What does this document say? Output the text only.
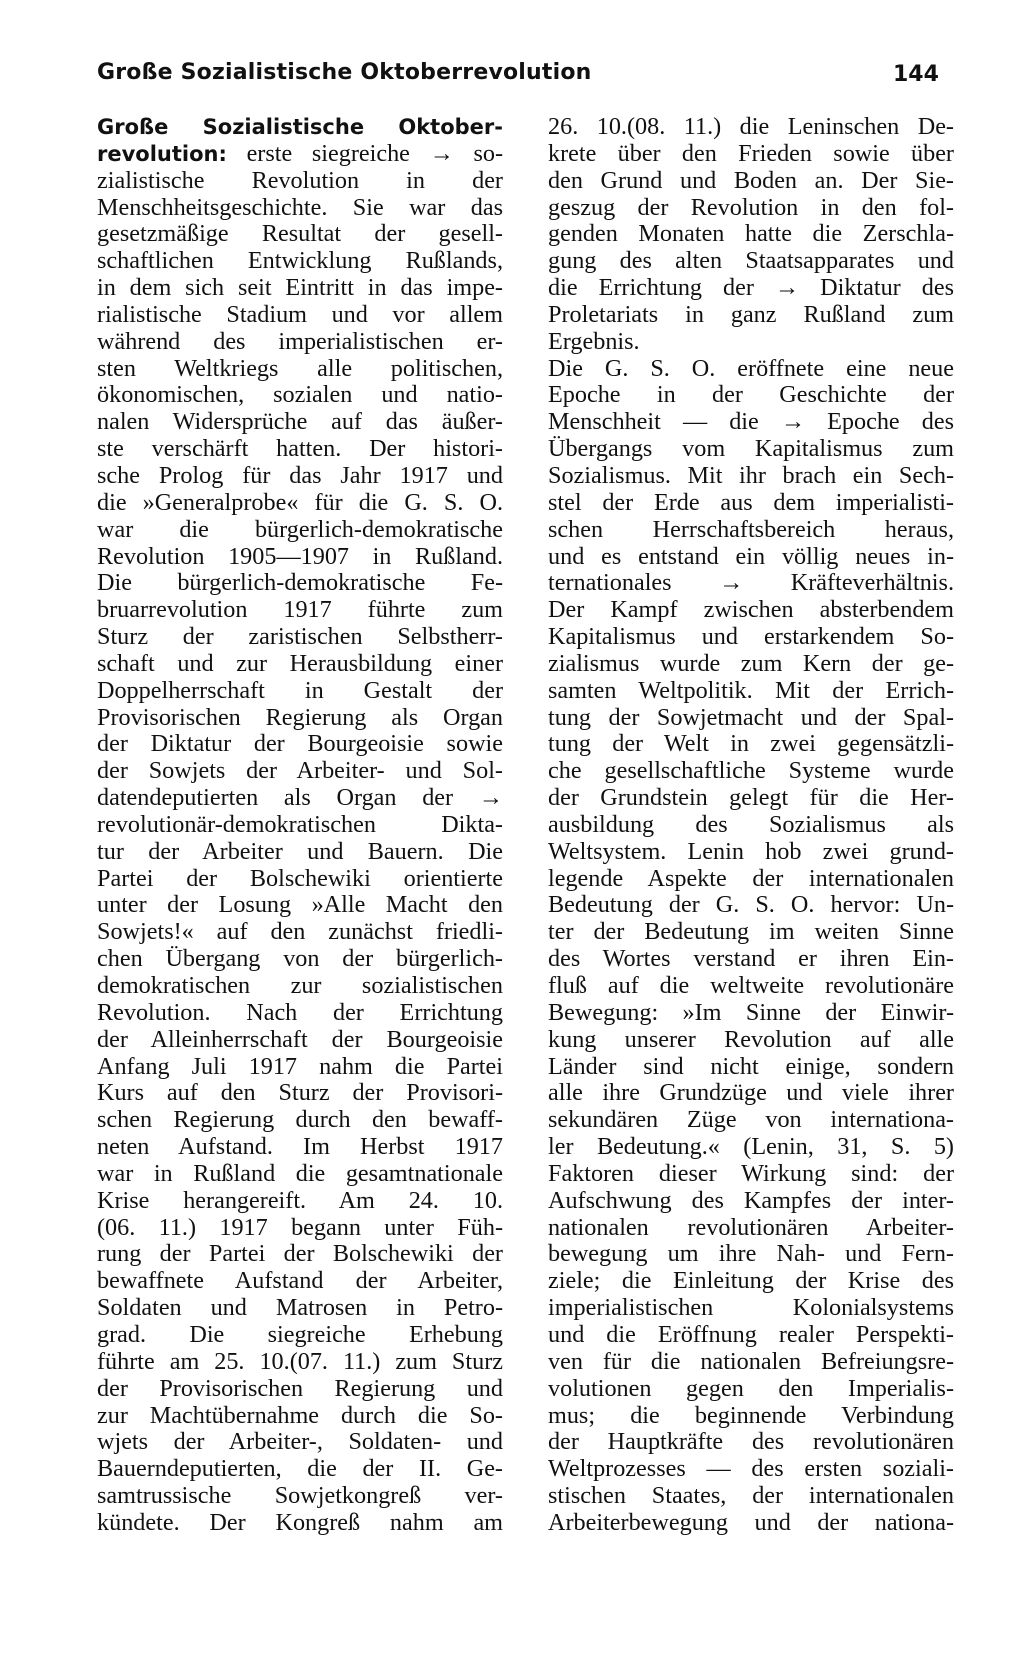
Große Sozialistische Oktoberrevolution	144
Große Sozialistische Oktober-
revolution: erste siegreiche → so-
zialistische Revolution in der
Menschheitsgeschichte. Sie war das
gesetzmäßige Resultat der gesell-
schaftlichen Entwicklung Rußlands,
in dem sich seit Eintritt in das impe-
rialistische Stadium und vor allem
während des imperialistischen er-
sten Weltkriegs alle politischen,
ökonomischen, sozialen und natio-
nalen Widersprüche auf das äußer-
ste verschärft hatten. Der histori-
sche Prolog für das Jahr 1917 und
die »Generalprobe« für die G. S. O.
war die bürgerlich-demokratische
Revolution 1905—1907 in Rußland.
Die bürgerlich-demokratische Fe-
bruarrevolution 1917 führte zum
Sturz der zaristischen Selbstherr-
schaft und zur Herausbildung einer
Doppelherrschaft in Gestalt der
Provisorischen Regierung als Organ
der Diktatur der Bourgeoisie sowie
der Sowjets der Arbeiter- und Sol-
datendeputierten als Organ der →
revolutionär-demokratischen Dikta-
tur der Arbeiter und Bauern. Die
Partei der Bolschewiki orientierte
unter der Losung »Alle Macht den
Sowjets!« auf den zunächst friedli-
chen Übergang von der bürgerlich-
demokratischen zur sozialistischen
Revolution. Nach der Errichtung
der Alleinherrschaft der Bourgeoisie
Anfang Juli 1917 nahm die Partei
Kurs auf den Sturz der Provisori-
schen Regierung durch den bewaff-
neten Aufstand. Im Herbst 1917
war in Rußland die gesamtnationale
Krise herangereift. Am 24. 10.
(06. 11.) 1917 begann unter Füh-
rung der Partei der Bolschewiki der
bewaffnete Aufstand der Arbeiter,
Soldaten und Matrosen in Petro-
grad. Die siegreiche Erhebung
führte am 25. 10.(07. 11.) zum Sturz
der Provisorischen Regierung und
zur Machtübernahme durch die So-
wjets der Arbeiter-, Soldaten- und
Bauerndeputierten, die der II. Ge-
samtrussische Sowjetkongreß ver-
kündete. Der Kongreß nahm am
26. 10.(08. 11.) die Leninschen De-
krete über den Frieden sowie über
den Grund und Boden an. Der Sie-
geszug der Revolution in den fol-
genden Monaten hatte die Zerschla-
gung des alten Staatsapparates und
die Errichtung der → Diktatur des
Proletariats in ganz Rußland zum
Ergebnis.
Die G. S. O. eröffnete eine neue
Epoche in der Geschichte der
Menschheit — die → Epoche des
Übergangs vom Kapitalismus zum
Sozialismus. Mit ihr brach ein Sech-
stel der Erde aus dem imperialisti-
schen Herrschaftsbereich heraus,
und es entstand ein völlig neues in-
ternationales → Kräfteverhältnis.
Der Kampf zwischen absterbendem
Kapitalismus und erstarkendem So-
zialismus wurde zum Kern der ge-
samten Weltpolitik. Mit der Errich-
tung der Sowjetmacht und der Spal-
tung der Welt in zwei gegensätzli-
che gesellschaftliche Systeme wurde
der Grundstein gelegt für die Her-
ausbildung des Sozialismus als
Weltsystem. Lenin hob zwei grund-
legende Aspekte der internationalen
Bedeutung der G. S. O. hervor: Un-
ter der Bedeutung im weiten Sinne
des Wortes verstand er ihren Ein-
fluß auf die weltweite revolutionäre
Bewegung: »Im Sinne der Einwir-
kung unserer Revolution auf alle
Länder sind nicht einige, sondern
alle ihre Grundzüge und viele ihrer
sekundären Züge von internationa-
ler Bedeutung.« (Lenin, 31, S. 5)
Faktoren dieser Wirkung sind: der
Aufschwung des Kampfes der inter-
nationalen revolutionären Arbeiter-
bewegung um ihre Nah- und Fern-
ziele; die Einleitung der Krise des
imperialistischen Kolonialsystems
und die Eröffnung realer Perspekti-
ven für die nationalen Befreiungsre-
volutionen gegen den Imperialis-
mus; die beginnende Verbindung
der Hauptkräfte des revolutionären
Weltprozesses — des ersten soziali-
stischen Staates, der internationalen
Arbeiterbewegung und der nationa-
